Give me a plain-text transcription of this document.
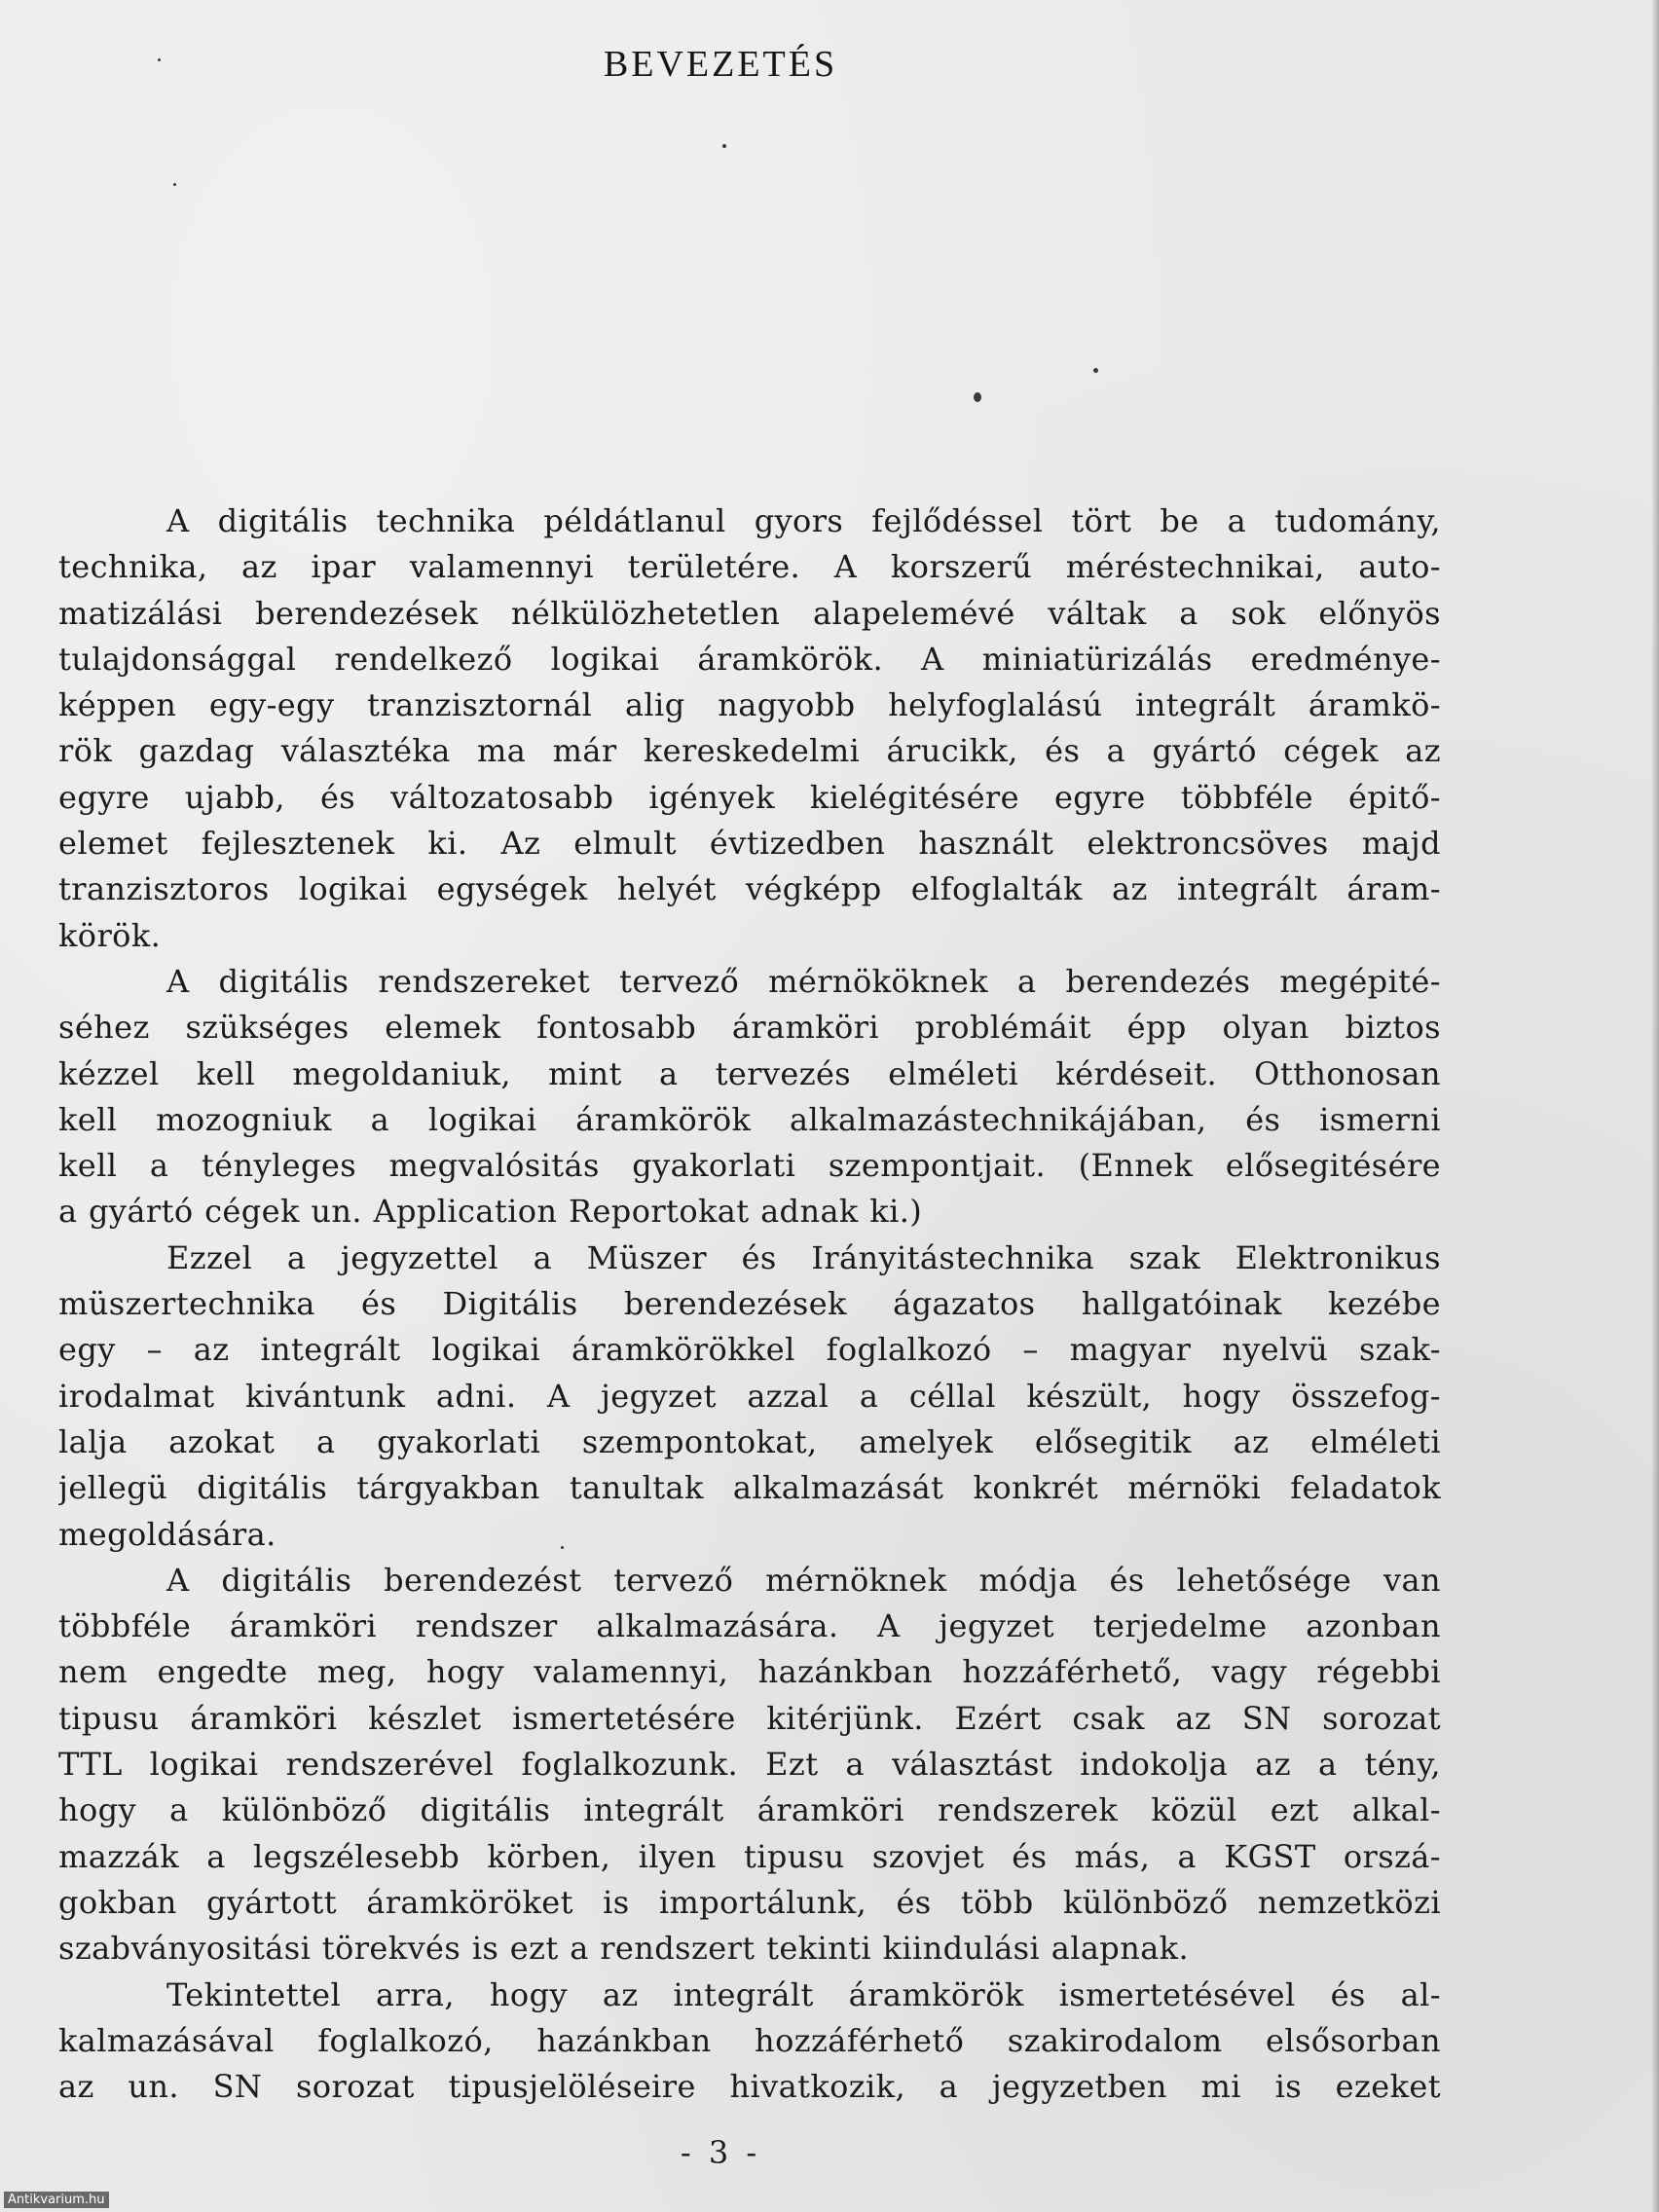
BEVEZETÉS
A digitális technika példátlanul gyors fejlődéssel tört be a tudomány,
technika, az ipar valamennyi területére. A korszerű méréstechnikai, auto-
matizálási berendezések nélkülözhetetlen alapelemévé váltak a sok előnyös
tulajdonsággal rendelkező logikai áramkörök. A miniatürizálás eredménye-
képpen egy-egy tranzisztornál alig nagyobb helyfoglalású integrált áramkö-
rök gazdag választéka ma már kereskedelmi árucikk, és a gyártó cégek az
egyre ujabb, és változatosabb igények kielégitésére egyre többféle épitő-
elemet fejlesztenek ki. Az elmult évtizedben használt elektroncsöves majd
tranzisztoros logikai egységek helyét végképp elfoglalták az integrált áram-
körök.
A digitális rendszereket tervező mérnököknek a berendezés megépité-
séhez szükséges elemek fontosabb áramköri problémáit épp olyan biztos
kézzel kell megoldaniuk, mint a tervezés elméleti kérdéseit. Otthonosan
kell mozogniuk a logikai áramkörök alkalmazástechnikájában, és ismerni
kell a tényleges megvalósitás gyakorlati szempontjait. (Ennek elősegitésére
a gyártó cégek un. Application Reportokat adnak ki.)
Ezzel a jegyzettel a Müszer és Irányitástechnika szak Elektronikus
müszertechnika és Digitális berendezések ágazatos hallgatóinak kezébe
egy – az integrált logikai áramkörökkel foglalkozó – magyar nyelvü szak-
irodalmat kivántunk adni. A jegyzet azzal a céllal készült, hogy összefog-
lalja azokat a gyakorlati szempontokat, amelyek elősegitik az elméleti
jellegü digitális tárgyakban tanultak alkalmazását konkrét mérnöki feladatok
megoldására.
A digitális berendezést tervező mérnöknek módja és lehetősége van
többféle áramköri rendszer alkalmazására. A jegyzet terjedelme azonban
nem engedte meg, hogy valamennyi, hazánkban hozzáférhető, vagy régebbi
tipusu áramköri készlet ismertetésére kitérjünk. Ezért csak az SN sorozat
TTL logikai rendszerével foglalkozunk. Ezt a választást indokolja az a tény,
hogy a különböző digitális integrált áramköri rendszerek közül ezt alkal-
mazzák a legszélesebb körben, ilyen tipusu szovjet és más, a KGST orszá-
gokban gyártott áramköröket is importálunk, és több különböző nemzetközi
szabványositási törekvés is ezt a rendszert tekinti kiindulási alapnak.
Tekintettel arra, hogy az integrált áramkörök ismertetésével és al-
kalmazásával foglalkozó, hazánkban hozzáférhető szakirodalom elsősorban
az un. SN sorozat tipusjelöléseire hivatkozik, a jegyzetben mi is ezeket
- 3 -
Antikvarium.hu
